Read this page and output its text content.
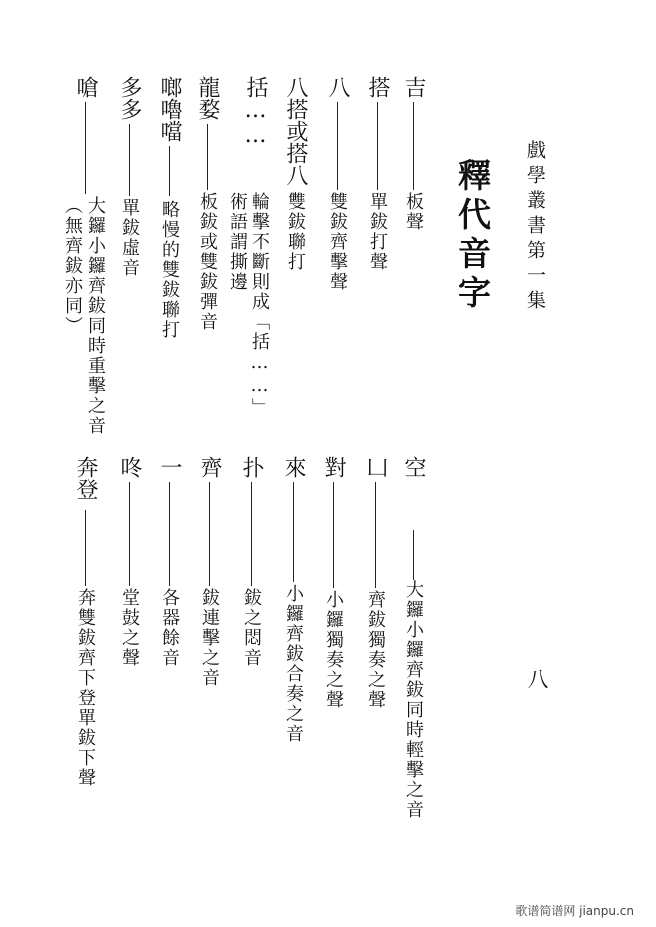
戲學叢書第一集
釋代音字
八
吉
板聲
搭
單鈸打聲
八
雙鈸齊擊聲
八搭或搭八
雙鈸聯打
括……
輪擊不斷則成「括……」
術語謂撕邊
龍婺
板鈸或雙鈸彈音
啷嚕噹
略慢的雙鈸聯打
多多
單鈸虛音
嗆
大鑼小鑼齊鈸同時重擊之音
（無齊鈸亦同）
空
大鑼小鑼齊鈸同時輕擊之音
凵
齊鈸獨奏之聲
對
小鑼獨奏之聲
來
小鑼齊鈸合奏之音
扑
鈸之悶音
齊
鈸連擊之音
一
各器餘音
咚
堂鼓之聲
奔登
奔雙鈸齊下登單鈸下聲
歌谱简谱网 jianpu.cn
